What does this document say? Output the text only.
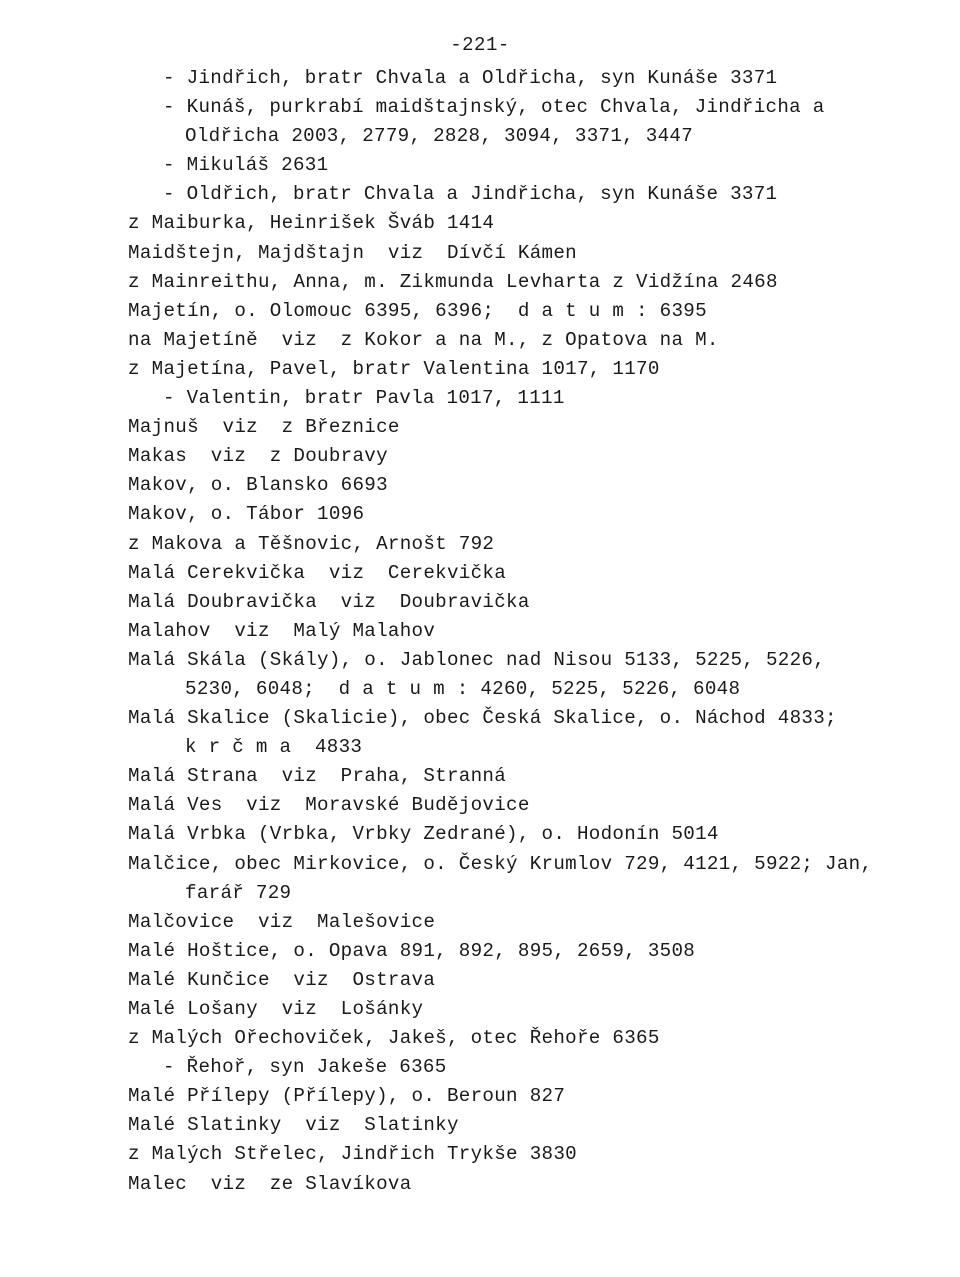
-221-
- Jindřich, bratr Chvala a Oldřicha, syn Kunáše 3371
- Kunáš, purkrabí maidštajnský, otec Chvala, Jindřicha a
Oldřicha 2003, 2779, 2828, 3094, 3371, 3447
- Mikuláš 2631
- Oldřich, bratr Chvala a Jindřicha, syn Kunáše 3371
z Maiburka, Heinrišek Šváb 1414
Maidštejn, Majdštajn  viz  Dívčí Kámen
z Mainreithu, Anna, m. Zikmunda Levharta z Vidžína 2468
Majetín, o. Olomouc 6395, 6396;  d a t u m : 6395
na Majetíně  viz  z Kokor a na M., z Opatova na M.
z Majetína, Pavel, bratr Valentina 1017, 1170
- Valentin, bratr Pavla 1017, 1111
Majnuš  viz  z Březnice
Makas  viz  z Doubravy
Makov, o. Blansko 6693
Makov, o. Tábor 1096
z Makova a Těšnovic, Arnošt 792
Malá Cerekvička  viz  Cerekvička
Malá Doubravička  viz  Doubravička
Malahov  viz  Malý Malahov
Malá Skála (Skály), o. Jablonec nad Nisou 5133, 5225, 5226,
5230, 6048;  d a t u m : 4260, 5225, 5226, 6048
Malá Skalice (Skalicie), obec Česká Skalice, o. Náchod 4833;
k r č m a  4833
Malá Strana  viz  Praha, Stranná
Malá Ves  viz  Moravské Budějovice
Malá Vrbka (Vrbka, Vrbky Zedrané), o. Hodonín 5014
Malčice, obec Mirkovice, o. Český Krumlov 729, 4121, 5922; Jan,
farář 729
Malčovice  viz  Malešovice
Malé Hoštice, o. Opava 891, 892, 895, 2659, 3508
Malé Kunčice  viz  Ostrava
Malé Lošany  viz  Lošánky
z Malých Ořechoviček, Jakeš, otec Řehoře 6365
- Řehoř, syn Jakeše 6365
Malé Přílepy (Přílepy), o. Beroun 827
Malé Slatinky  viz  Slatinky
z Malých Střelec, Jindřich Trykše 3830
Malec  viz  ze Slavíkova
